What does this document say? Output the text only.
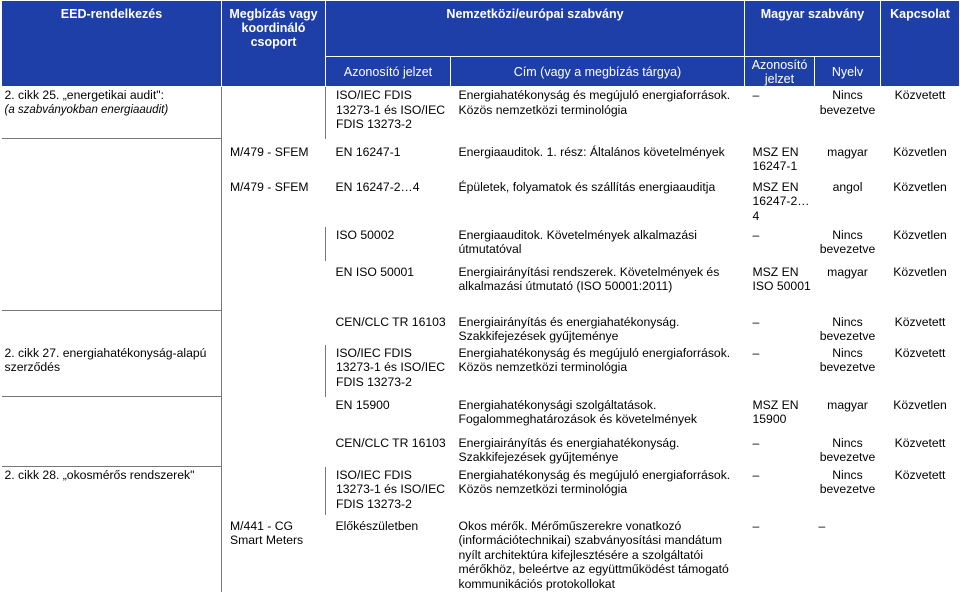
EED-rendelkezés	Megbízás vagy koordináló csoport	Nemzetközi/európai szabvány		Magyar szabvány		Kapcsolat
		Azonosító jelzet	Cím (vagy a megbízás tárgya)	Azonosító jelzet	Nyelv	

2. cikk 25. „energetikai audit":
(a szabványokban energiaaudit)		ISO/IEC FDIS 13273-1 és ISO/IEC FDIS 13273-2	Energiahatékonyság és megújuló energiaforrások. Közös nemzetközi terminológia	–	Nincs bevezetve	Közvetett
	M/479 - SFEM	EN 16247-1	Energiaauditok. 1. rész: Általános követelmények	MSZ EN 16247-1	magyar	Közvetlen
	M/479 - SFEM	EN 16247-2…4	Épületek, folyamatok és szállítás energiaauditja	MSZ EN 16247-2…4	angol	Közvetlen
		ISO 50002	Energiaauditok. Követelmények alkalmazási útmutatóval	–	Nincs bevezetve	Közvetlen
		EN ISO 50001	Energiairányítási rendszerek. Követelmények és alkalmazási útmutató (ISO 50001:2011)	MSZ EN ISO 50001	magyar	Közvetlen
		CEN/CLC TR 16103	Energiairányítás és energiahatékonyság. Szakkifejezések gyűjteménye	–	Nincs bevezetve	Közvetett
2. cikk 27. energiahatékonyság-alapú szerződés		ISO/IEC FDIS 13273-1 és ISO/IEC FDIS 13273-2	Energiahatékonyság és megújuló energiaforrások. Közös nemzetközi terminológia	–	Nincs bevezetve	Közvetett
		EN 15900	Energiahatékonysági szolgáltatások. Fogalommeghatározások és követelmények	MSZ EN 15900	magyar	Közvetlen
		CEN/CLC TR 16103	Energiairányítás és energiahatékonyság. Szakkifejezések gyűjteménye	–	Nincs bevezetve	Közvetett
2. cikk 28. „okosmérős rendszerek"		ISO/IEC FDIS 13273-1 és ISO/IEC FDIS 13273-2	Energiahatékonyság és megújuló energiaforrások. Közös nemzetközi terminológia	–	Nincs bevezetve	Közvetett
	M/441 - CG Smart Meters	Előkészületben	Okos mérők. Mérőműszerekre vonatkozó (információtechnikai) szabványosítási mandátum nyílt architektúra kifejlesztésére a szolgáltatói mérőkhöz, beleértve az együttműködést támogató kommunikációs protokollokat	–	–	
